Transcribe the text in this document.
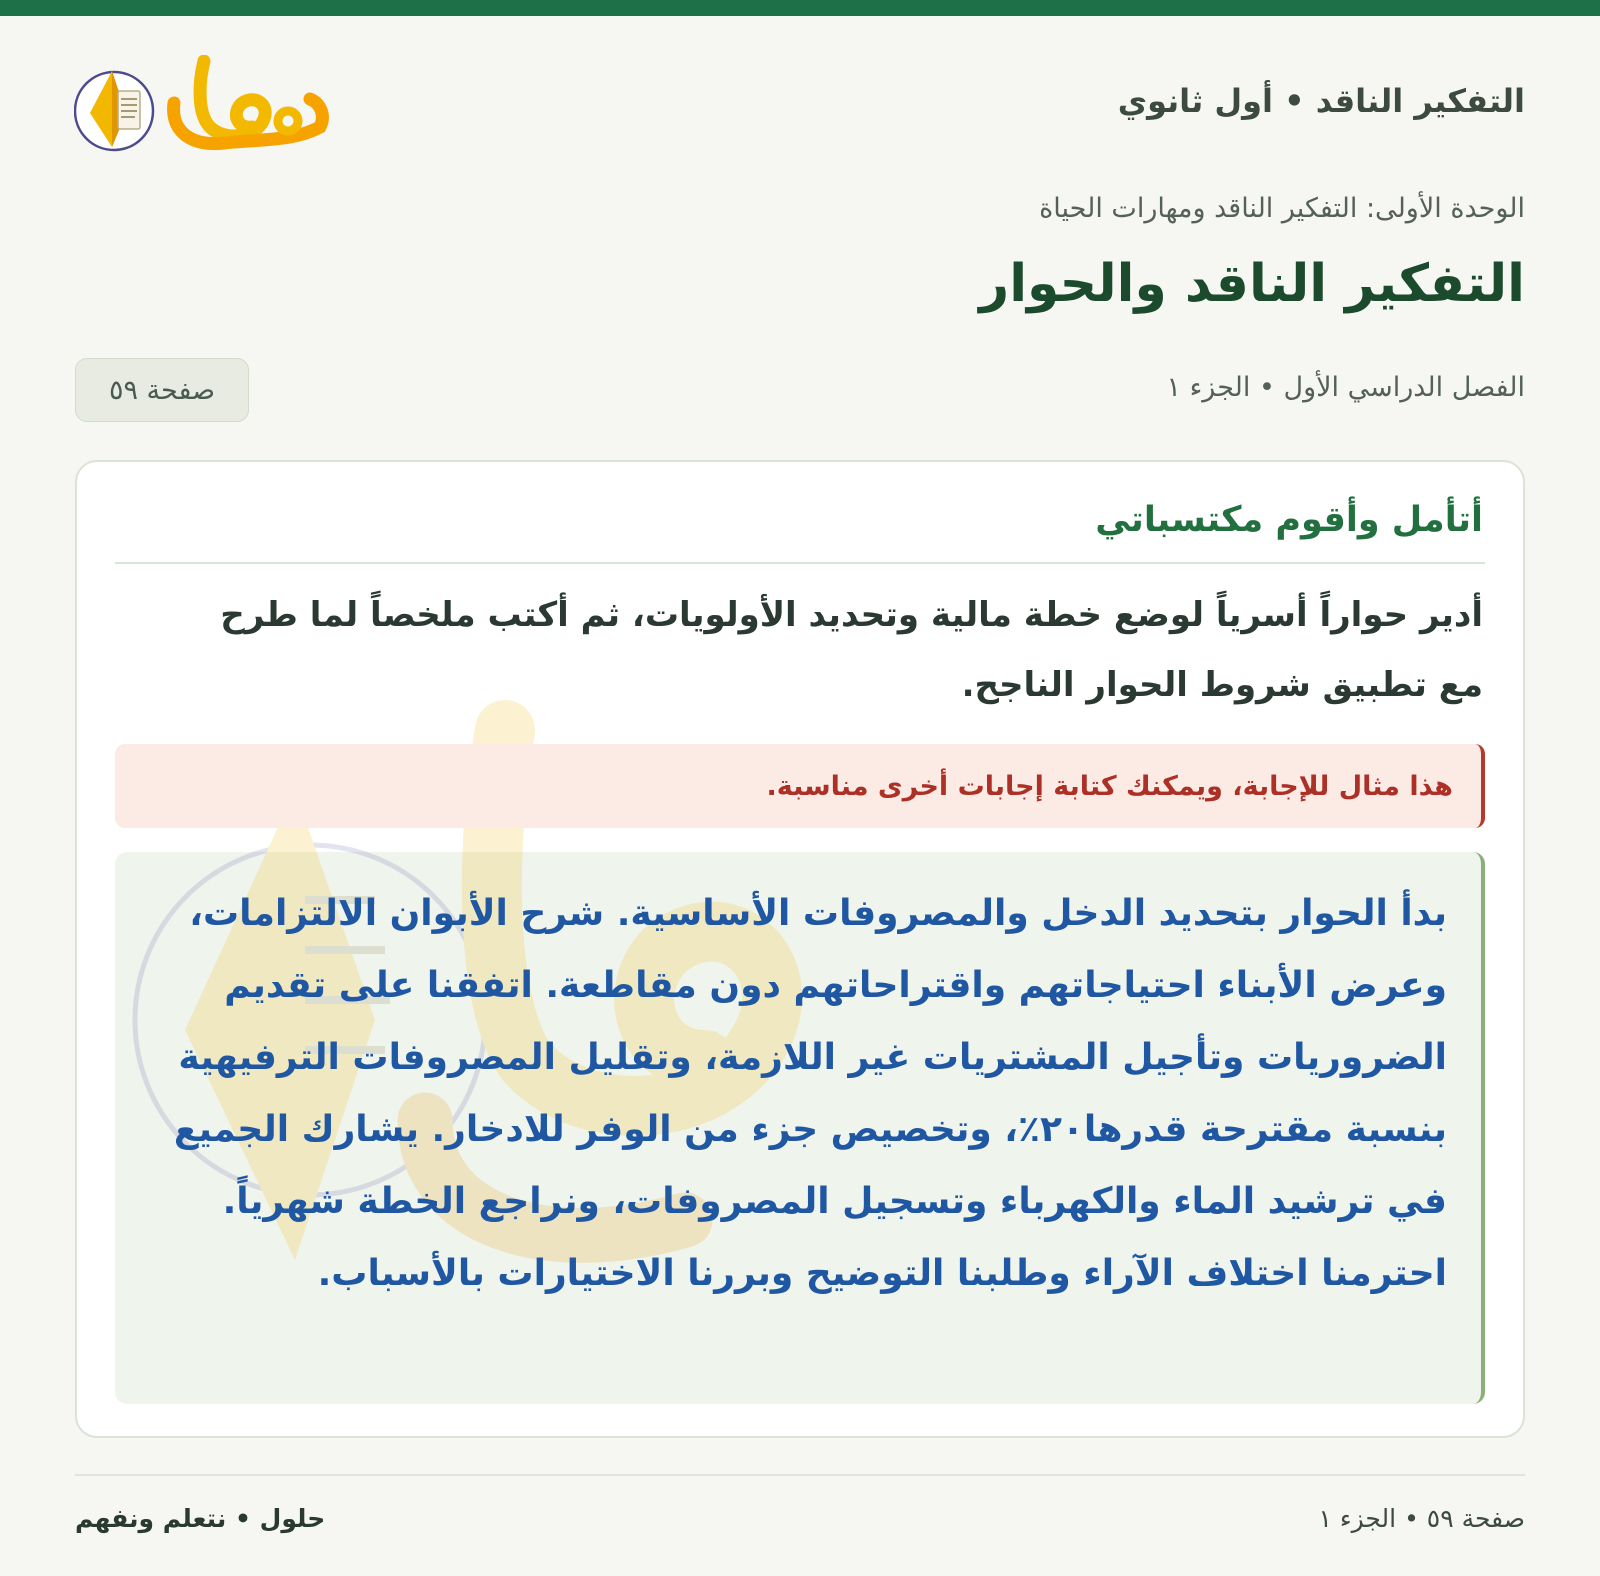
التفكير الناقد • أول ثانوي
الوحدة الأولى: التفكير الناقد ومهارات الحياة
التفكير الناقد والحوار
الفصل الدراسي الأول • الجزء ١
صفحة ٥٩
أتأمل وأقوم مكتسباتي
أدير حواراً أسرياً لوضع خطة مالية وتحديد الأولويات، ثم أكتب ملخصاً لما طرح مع تطبيق شروط الحوار الناجح.
هذا مثال للإجابة، ويمكنك كتابة إجابات أخرى مناسبة.
بدأ الحوار بتحديد الدخل والمصروفات الأساسية. شرح الأبوان الالتزامات، وعرض الأبناء احتياجاتهم واقتراحاتهم دون مقاطعة. اتفقنا على تقديم الضروريات وتأجيل المشتريات غير اللازمة، وتقليل المصروفات الترفيهية بنسبة مقترحة قدرها٢٠٪، وتخصيص جزء من الوفر للادخار. يشارك الجميع في ترشيد الماء والكهرباء وتسجيل المصروفات، ونراجع الخطة شهرياً. احترمنا اختلاف الآراء وطلبنا التوضيح وبررنا الاختيارات بالأسباب.
صفحة ٥٩ • الجزء ١
حلول • نتعلم ونفهم
